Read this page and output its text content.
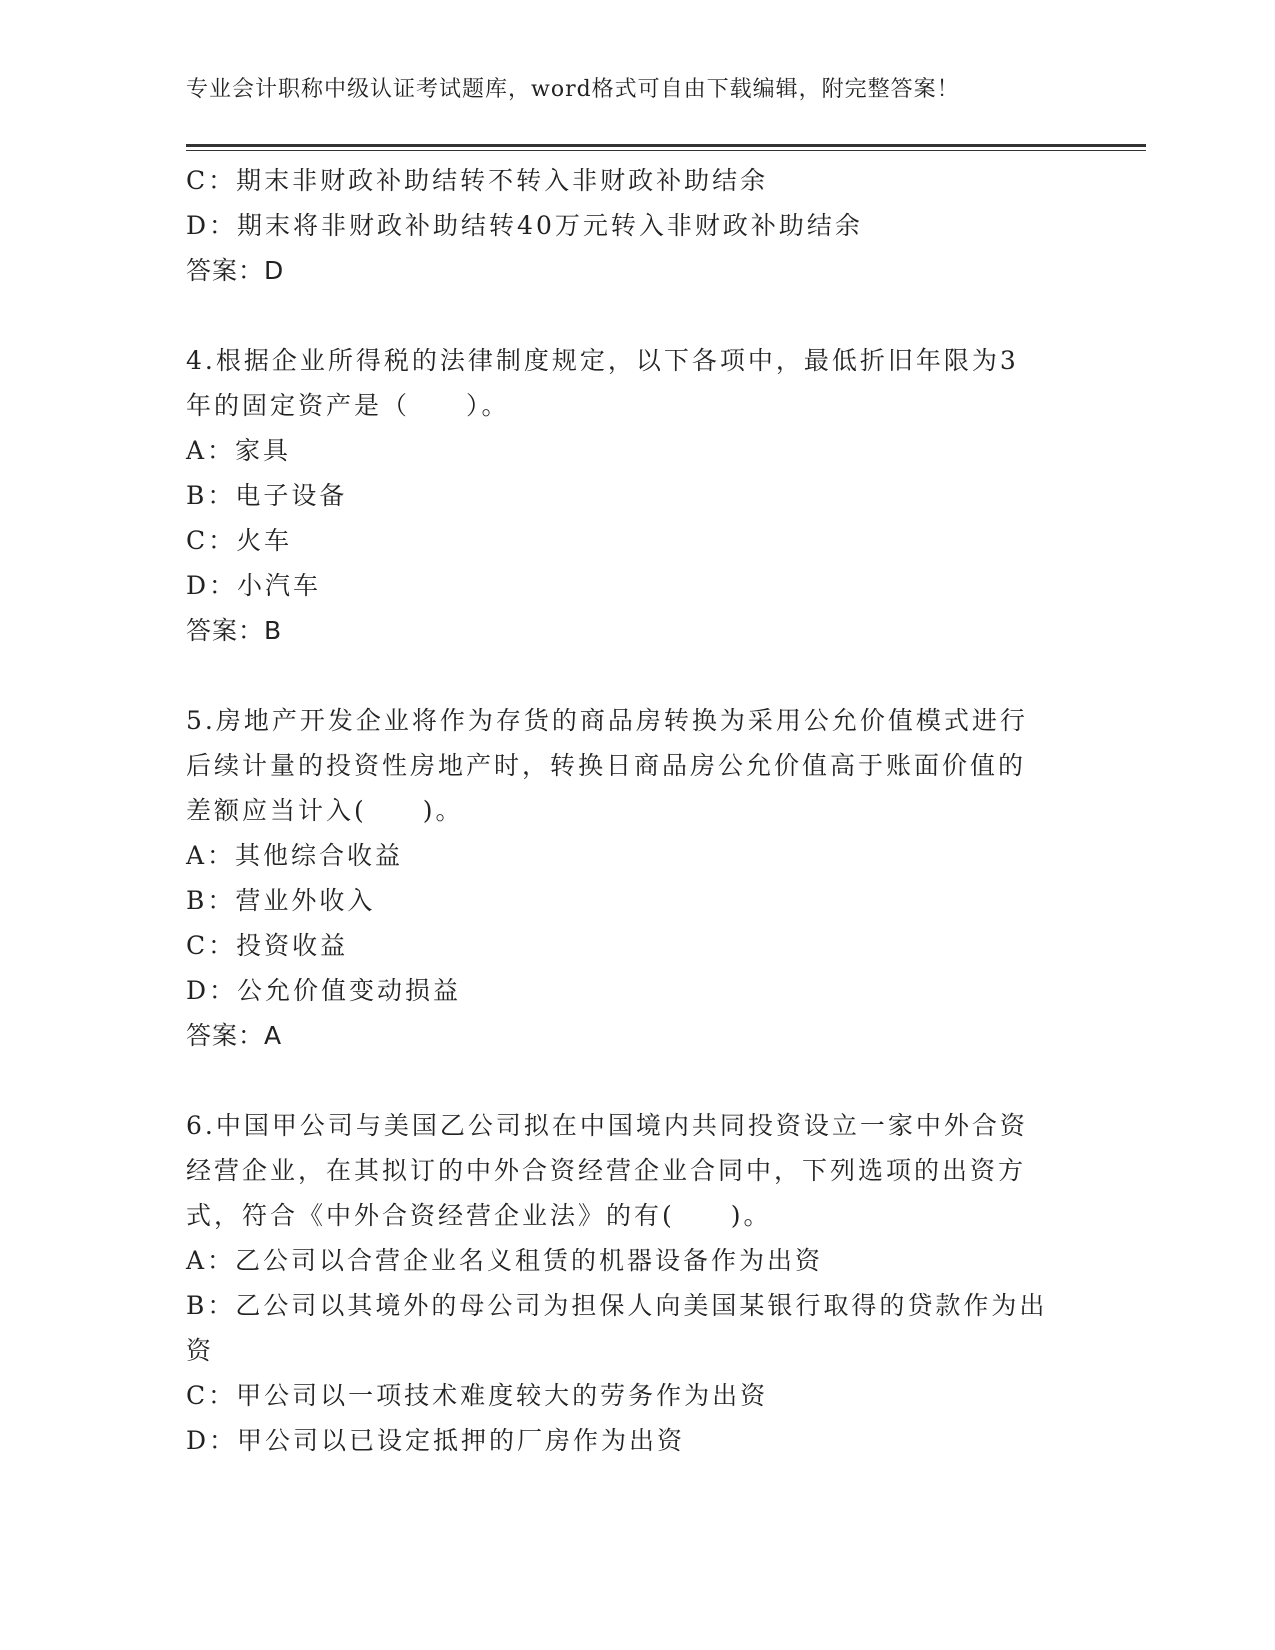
专业会计职称中级认证考试题库，word格式可自由下载编辑，附完整答案！
C：期末非财政补助结转不转入非财政补助结余
D：期末将非财政补助结转40万元转入非财政补助结余
答案：D
4.根据企业所得税的法律制度规定，以下各项中，最低折旧年限为3
年的固定资产是（　　）。
A：家具
B：电子设备
C：火车
D：小汽车
答案：B
5.房地产开发企业将作为存货的商品房转换为采用公允价值模式进行
后续计量的投资性房地产时，转换日商品房公允价值高于账面价值的
差额应当计入(　　)。
A：其他综合收益
B：营业外收入
C：投资收益
D：公允价值变动损益
答案：A
6.中国甲公司与美国乙公司拟在中国境内共同投资设立一家中外合资
经营企业，在其拟订的中外合资经营企业合同中，下列选项的出资方
式，符合《中外合资经营企业法》的有(　　)。
A：乙公司以合营企业名义租赁的机器设备作为出资
B：乙公司以其境外的母公司为担保人向美国某银行取得的贷款作为出
资
C：甲公司以一项技术难度较大的劳务作为出资
D：甲公司以已设定抵押的厂房作为出资
